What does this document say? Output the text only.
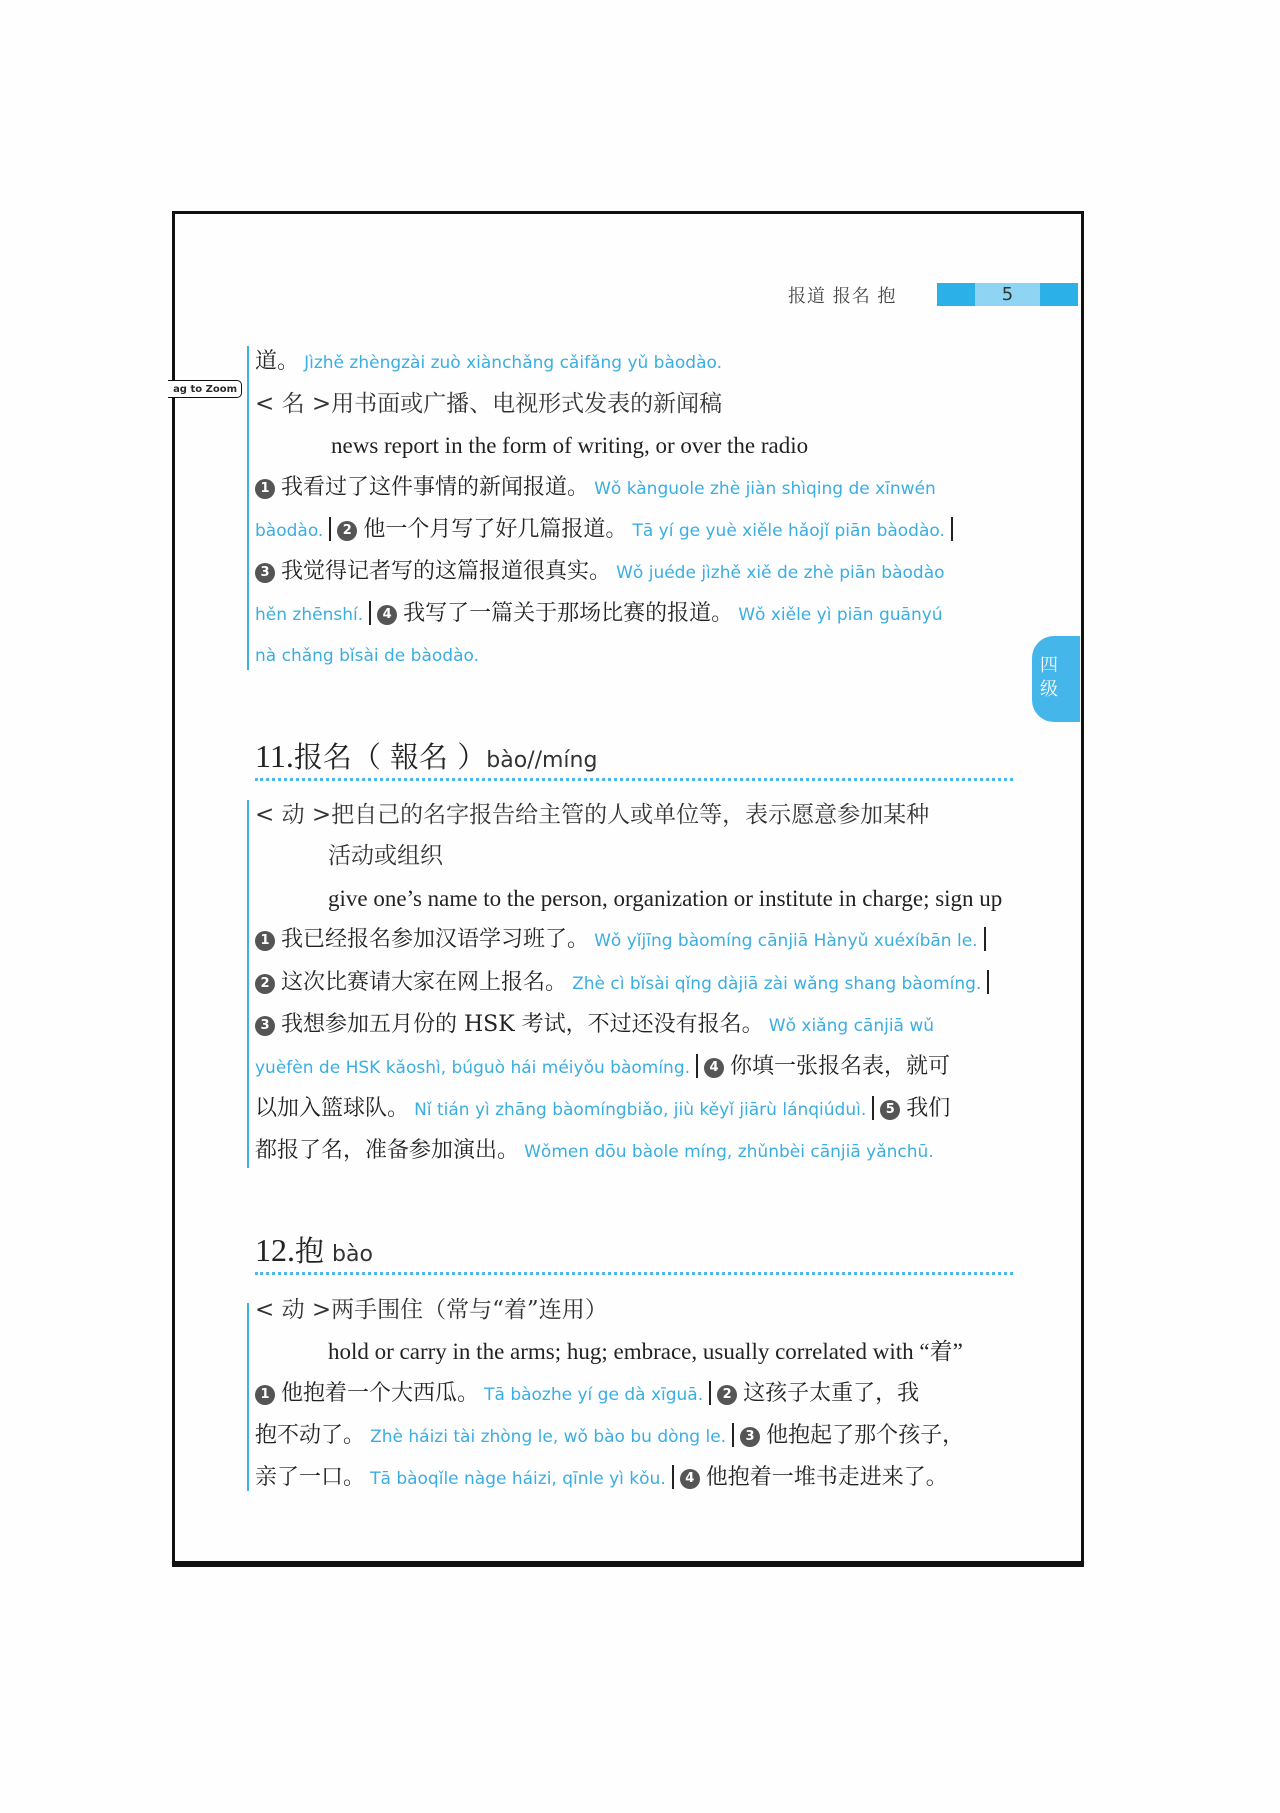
ag to Zoom
报道 报名 抱	5
四
级
道。 Jìzhě zhèngzài zuò xiànchǎng cǎifǎng yǔ bàodào.
< 名 >用书面或广播、电视形式发表的新闻稿
news report in the form of writing, or over the radio
1 我看过了这件事情的新闻报道。 Wǒ kànguole zhè jiàn shìqing de xīnwén
bàodào. 2 他一个月写了好几篇报道。 Tā yí ge yuè xiěle hǎojǐ piān bàodào.
3 我觉得记者写的这篇报道很真实。 Wǒ juéde jìzhě xiě de zhè piān bàodào
hěn zhēnshí. 4 我写了一篇关于那场比赛的报道。 Wǒ xiěle yì piān guānyú
nà chǎng bǐsài de bàodào.
11.报名（ 報名 ）bào//míng
< 动 >把自己的名字报告给主管的人或单位等，表示愿意参加某种
活动或组织
give one’s name to the person, organization or institute in charge; sign up
1 我已经报名参加汉语学习班了。 Wǒ yǐjīng bàomíng cānjiā Hànyǔ xuéxíbān le.
2 这次比赛请大家在网上报名。 Zhè cì bǐsài qǐng dàjiā zài wǎng shang bàomíng.
3 我想参加五月份的 HSK 考试，不过还没有报名。 Wǒ xiǎng cānjiā wǔ
yuèfèn de HSK kǎoshì, búguò hái méiyǒu bàomíng. 4 你填一张报名表，就可
以加入篮球队。 Nǐ tián yì zhāng bàomíngbiǎo, jiù kěyǐ jiārù lánqiúduì. 5 我们
都报了名，准备参加演出。 Wǒmen dōu bàole míng, zhǔnbèi cānjiā yǎnchū.
12.抱 bào
< 动 >两手围住（常与“着”连用）
hold or carry in the arms; hug; embrace, usually correlated with “着”
1 他抱着一个大西瓜。 Tā bàozhe yí ge dà xīguā. 2 这孩子太重了，我
抱不动了。 Zhè háizi tài zhòng le, wǒ bào bu dòng le. 3 他抱起了那个孩子，
亲了一口。 Tā bàoqǐle nàge háizi, qīnle yì kǒu. 4 他抱着一堆书走进来了。
